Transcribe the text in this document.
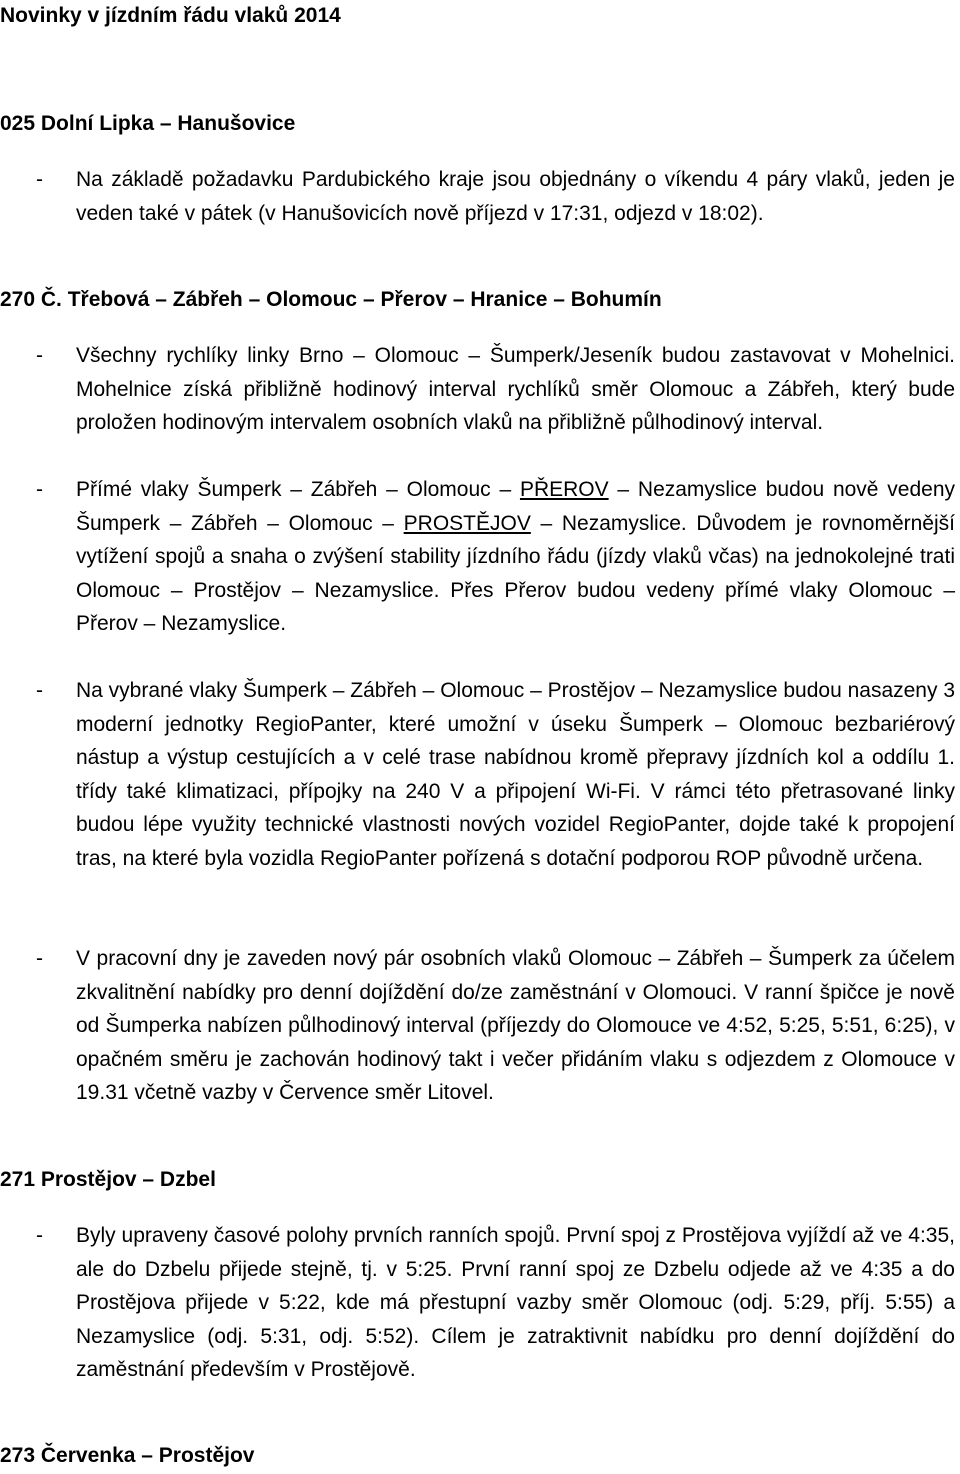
Novinky v jízdním řádu vlaků 2014
025 Dolní Lipka – Hanušovice
- Na základě požadavku Pardubického kraje jsou objednány o víkendu 4 páry vlaků, jeden je veden také v pátek (v Hanušovicích nově příjezd v 17:31, odjezd v 18:02).

270 Č. Třebová – Zábřeh – Olomouc – Přerov – Hranice – Bohumín
- Všechny rychlíky linky Brno – Olomouc – Šumperk/Jeseník budou zastavovat v Mohelnici. Mohelnice získá přibližně hodinový interval rychlíků směr Olomouc a Zábřeh, který bude proložen hodinovým intervalem osobních vlaků na přibližně půlhodinový interval.

- Přímé vlaky Šumperk – Zábřeh – Olomouc – PŘEROV – Nezamyslice budou nově vedeny Šumperk – Zábřeh – Olomouc – PROSTĚJOV – Nezamyslice. Důvodem je rovnoměrnější vytížení spojů a snaha o zvýšení stability jízdního řádu (jízdy vlaků včas) na jednokolejné trati Olomouc – Prostějov – Nezamyslice. Přes Přerov budou vedeny přímé vlaky Olomouc – Přerov – Nezamyslice.

- Na vybrané vlaky Šumperk – Zábřeh – Olomouc – Prostějov – Nezamyslice budou nasazeny 3 moderní jednotky RegioPanter, které umožní v úseku Šumperk – Olomouc bezbariérový nástup a výstup cestujících a v celé trase nabídnou kromě přepravy jízdních kol a oddílu 1. třídy také klimatizaci, přípojky na 240 V a připojení Wi-Fi. V rámci této přetrasované linky budou lépe využity technické vlastnosti nových vozidel RegioPanter, dojde také k propojení tras, na které byla vozidla RegioPanter pořízená s dotační podporou ROP původně určena.

- V pracovní dny je zaveden nový pár osobních vlaků Olomouc – Zábřeh – Šumperk za účelem zkvalitnění nabídky pro denní dojíždění do/ze zaměstnání v Olomouci. V ranní špičce je nově od Šumperka nabízen půlhodinový interval (příjezdy do Olomouce ve 4:52, 5:25, 5:51, 6:25), v opačném směru je zachován hodinový takt i večer přidáním vlaku s odjezdem z Olomouce v 19.31 včetně vazby v Července směr Litovel.

271 Prostějov – Dzbel
- Byly upraveny časové polohy prvních ranních spojů. První spoj z Prostějova vyjíždí až ve 4:35, ale do Dzbelu přijede stejně, tj. v 5:25. První ranní spoj ze Dzbelu odjede až ve 4:35 a do Prostějova přijede v 5:22, kde má přestupní vazby směr Olomouc (odj. 5:29, příj. 5:55) a Nezamyslice (odj. 5:31, odj. 5:52). Cílem je zatraktivnit nabídku pro denní dojíždění do zaměstnání především v Prostějově.

273 Červenka – Prostějov
